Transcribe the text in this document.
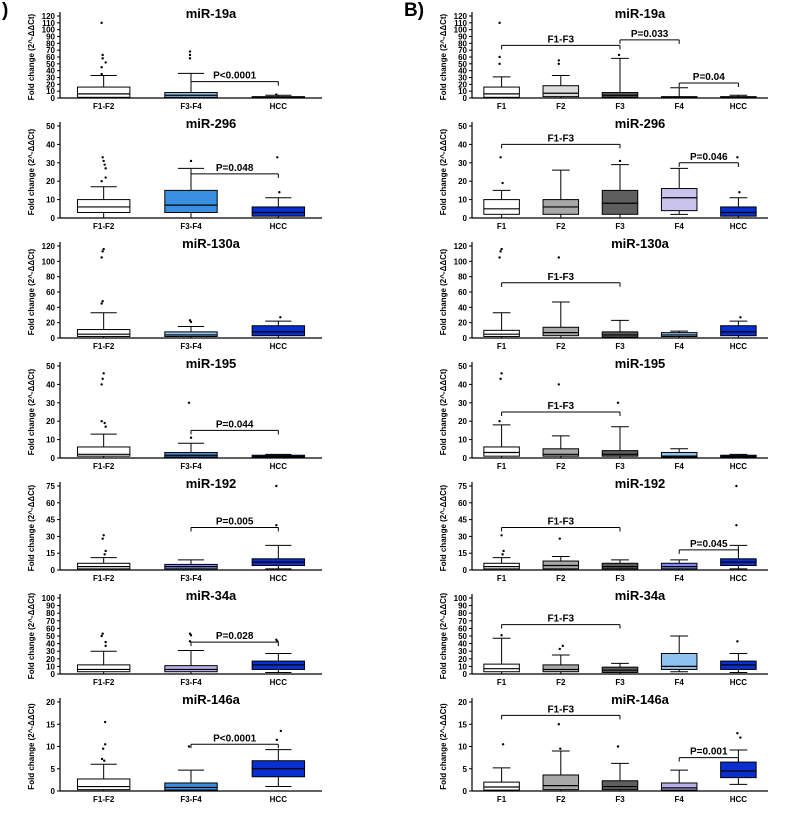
)	B)
miR-19a
Fold change (2^-ΔΔCt) 0
10
20
30
40
50
60
70
80
90
100
110
120
F1-F2	F3-F4	HCC
P<0.0001
miR-296
Fold change (2^-ΔΔCt)
0
10
20
30
40
50
F1-F2	F3-F4	HCC
P=0.048
miR-130a
Fold change (2^-ΔΔCt)
0
20
40
60
80
100
120
F1-F2	F3-F4	HCC
miR-195
Fold change (2^-ΔΔCt)
0
10
20
30
40
50
F1-F2	F3-F4	HCC
P=0.044
miR-192
Fold change (2^-ΔΔCt) 0
15
30
45
60
75
F1-F2	F3-F4	HCC
P=0.005
miR-34a
Fold change (2^-ΔΔCt) 0
10
20
30
40
50
60
70
80
90
100
F1-F2	F3-F4	HCC
P=0.028
miR-146a
Fold change (2^-ΔΔCt)
0
5
10
15
20
F1-F2	F3-F4	HCC
P<0.0001
miR-19a
Fold change (2^-ΔΔCt) 0
10
20
30
40
50
60
70
80
90
100
110
120
F1	F2	F3	F4	HCC
F1-F3	P=0.033
P=0.04
miR-296
Fold change (2^-ΔΔCt)
0
10
20
30
40
50
F1	F2	F3	F4	HCC
F1-F3
P=0.046
miR-130a
Fold change (2^-ΔΔCt)
0
20
40
60
80
100
120
F1	F2	F3	F4	HCC
F1-F3
miR-195
Fold change (2^-ΔΔCt)
0
10
20
30
40
50
F1	F2	F3	F4	HCC
F1-F3
miR-192
Fold change (2^-ΔΔCt) 0
15
30
45
60
75
F1	F2	F3	F4	HCC
F1-F3
P=0.045
miR-34a
Fold change (2^-ΔΔCt) 0
10
20
30
40
50
60
70
80
90
100
F1	F2	F3	F4	HCC
F1-F3
miR-146a
Fold change (2^-ΔΔCt)
0
5
10
15
20
F1	F2	F3	F4	HCC
F1-F3
P=0.001
